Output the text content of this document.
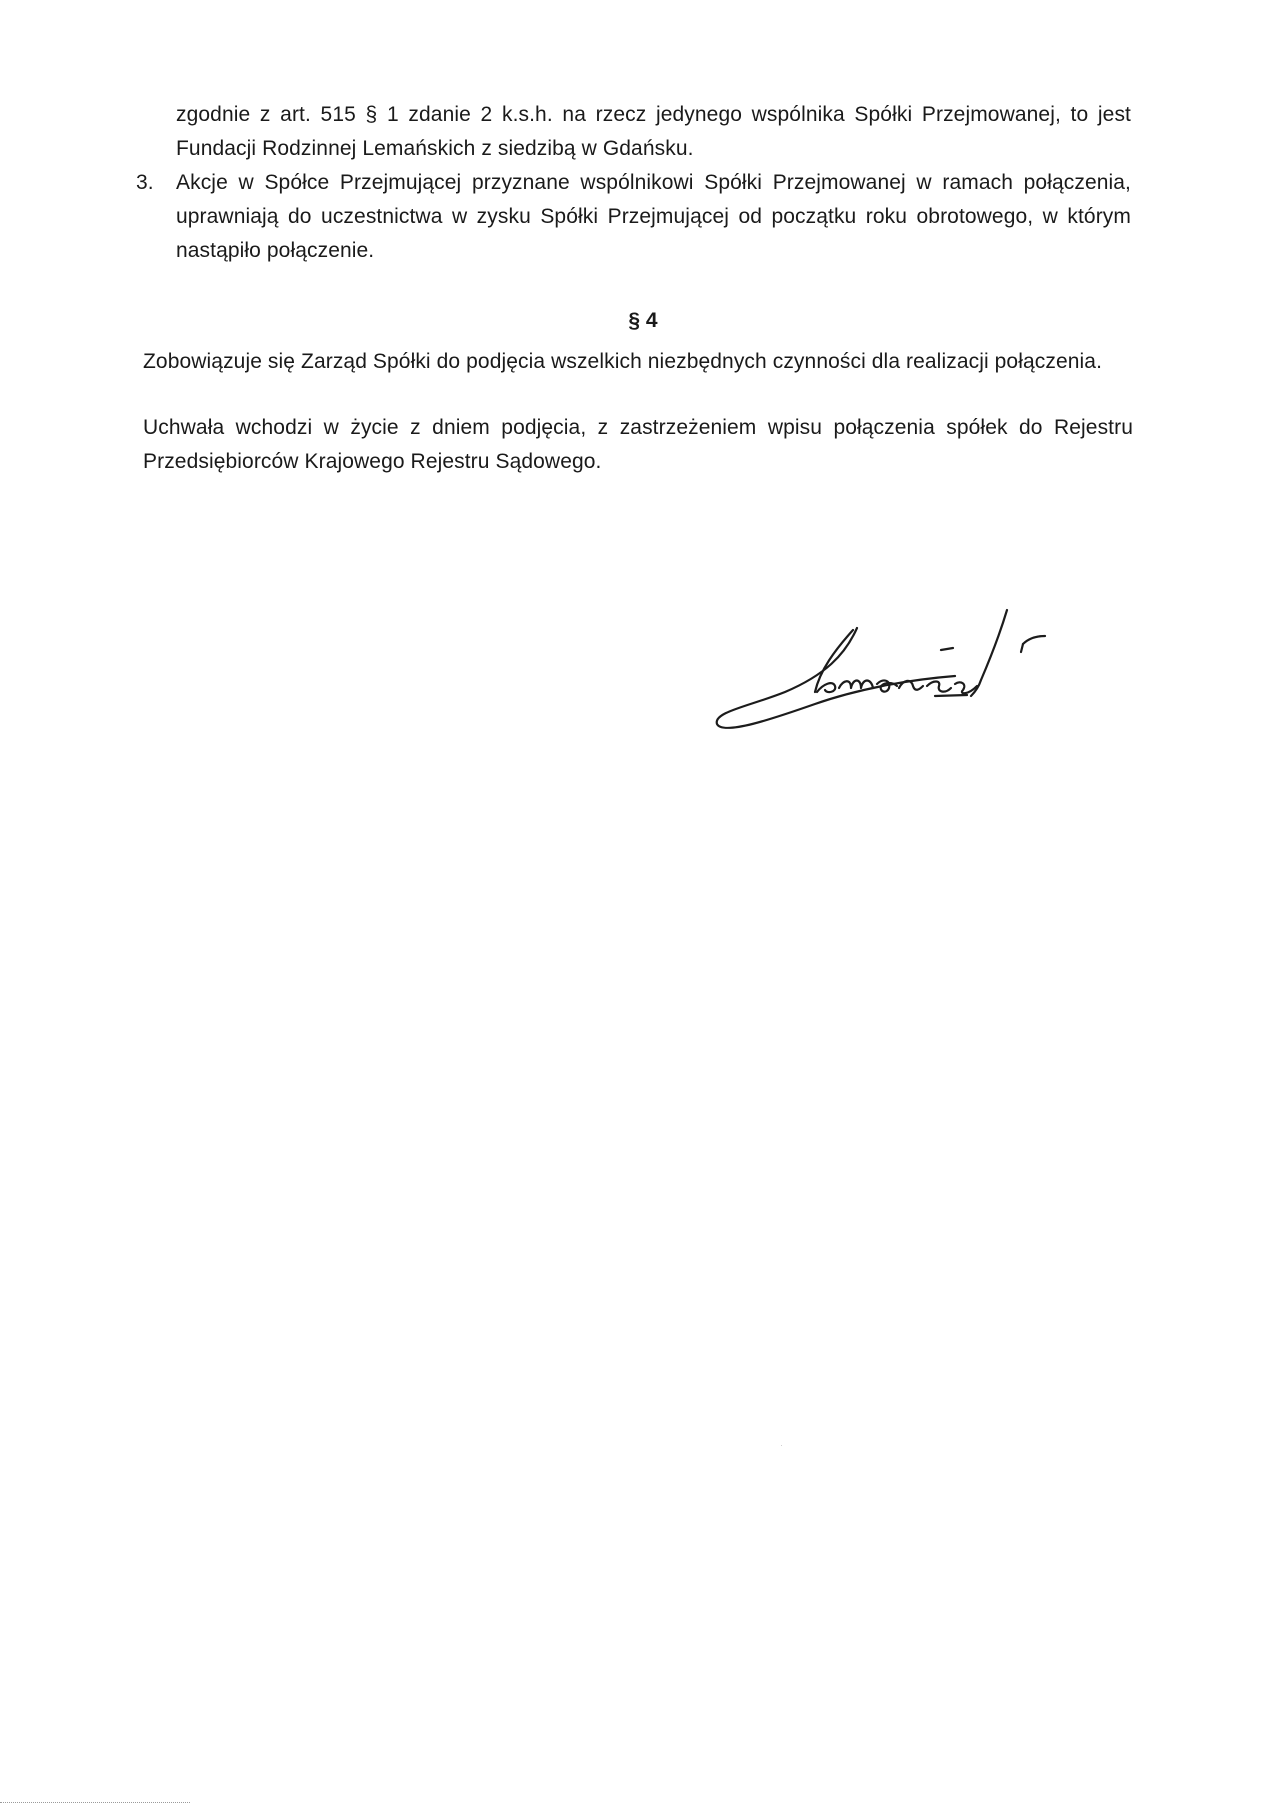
zgodnie z art. 515 § 1 zdanie 2 k.s.h. na rzecz jedynego wspólnika Spółki Przejmowanej, to jest Fundacji Rodzinnej Lemańskich z siedzibą w Gdańsku.
3.	Akcje w Spółce Przejmującej przyznane wspólnikowi Spółki Przejmowanej w ramach połączenia, uprawniają do uczestnictwa w zysku Spółki Przejmującej od początku roku obrotowego, w którym nastąpiło połączenie.
§ 4
Zobowiązuje się Zarząd Spółki do podjęcia wszelkich niezbędnych czynności dla realizacji połączenia.
Uchwała wchodzi w życie z dniem podjęcia, z zastrzeżeniem wpisu połączenia spółek do Rejestru Przedsiębiorców Krajowego Rejestru Sądowego.
